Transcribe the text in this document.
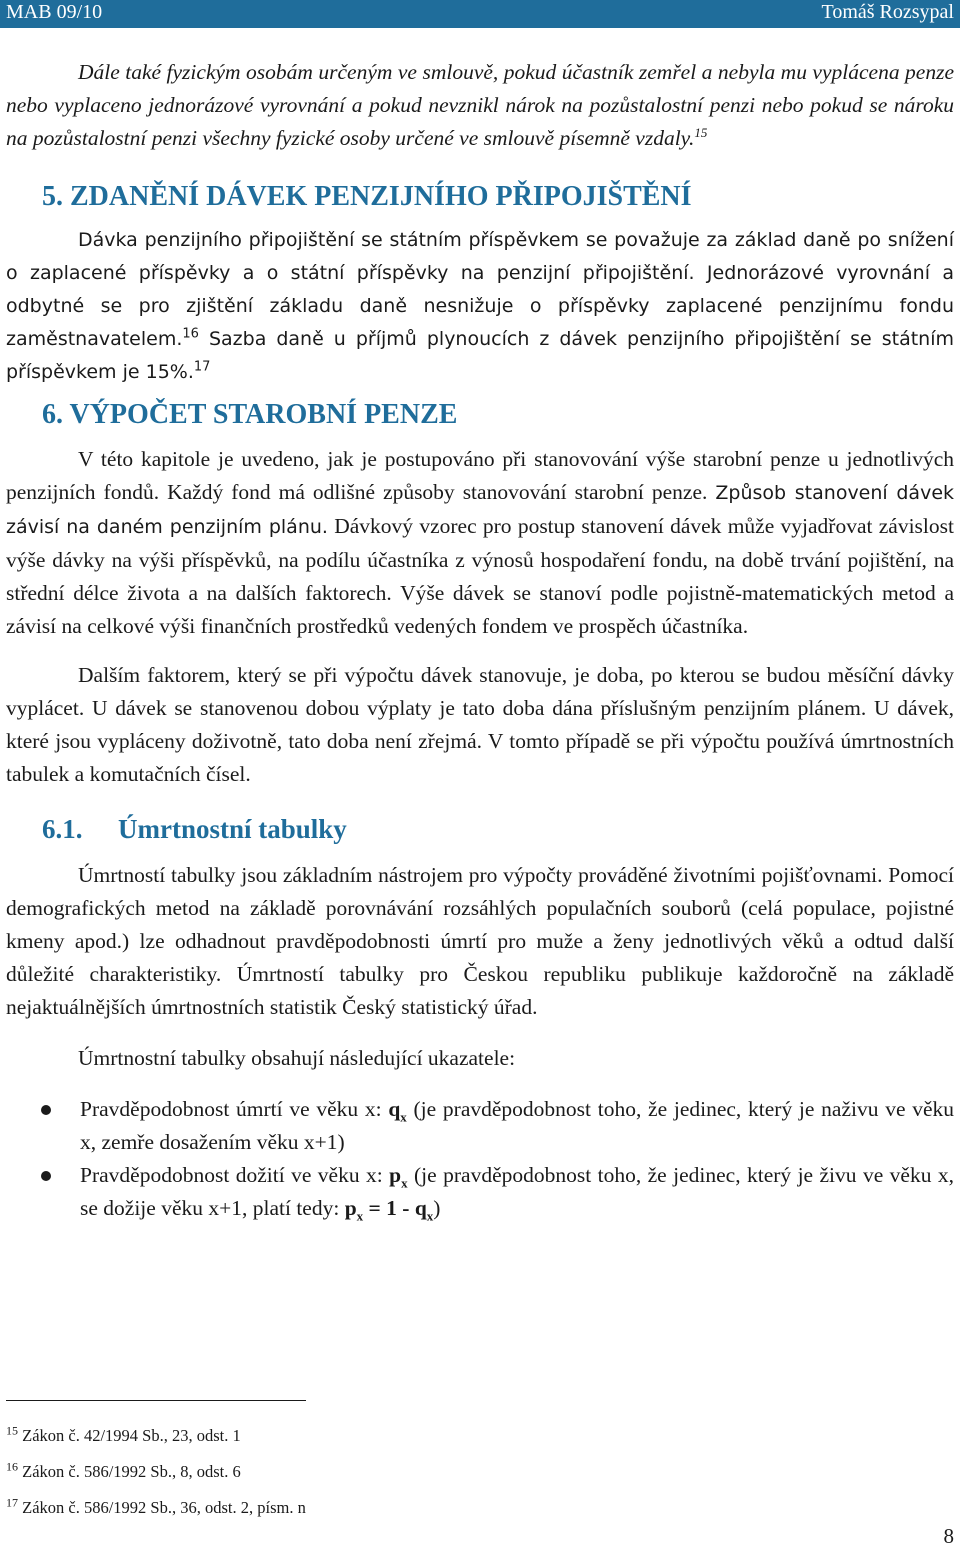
MAB 09/10	Tomáš Rozsypal

Dále také fyzickým osobám určeným ve smlouvě, pokud účastník zemřel a nebyla mu vyplácena penze nebo vyplaceno jednorázové vyrovnání a pokud nevznikl nárok na pozůstalostní penzi nebo pokud se nároku na pozůstalostní penzi všechny fyzické osoby určené ve smlouvě písemně vzdaly.$^{15}$

5. ZDANĚNÍ DÁVEK PENZIJNÍHO PŘIPOJIŠTĚNÍ

Dávka penzijního připojištění se státním příspěvkem se považuje za základ daně po snížení o zaplacené příspěvky a o státní příspěvky na penzijní připojištění. Jednorázové vyrovnání a odbytné se pro zjištění základu daně nesnižuje o příspěvky zaplacené penzijnímu fondu zaměstnavatelem.$^{16}$ Sazba daně u příjmů plynoucích z dávek penzijního připojištění se státním příspěvkem je 15%.$^{17}$

6. VÝPOČET STAROBNÍ PENZE

V této kapitole je uvedeno, jak je postupováno při stanovování výše starobní penze u jednotlivých penzijních fondů. Každý fond má odlišné způsoby stanovování starobní penze. Způsob stanovení dávek závisí na daném penzijním plánu. Dávkový vzorec pro postup stanovení dávek může vyjadřovat závislost výše dávky na výši příspěvků, na podílu účastníka z výnosů hospodaření fondu, na době trvání pojištění, na střední délce života a na dalších faktorech. Výše dávek se stanoví podle pojistně-matematických metod a závisí na celkové výši finančních prostředků vedených fondem ve prospěch účastníka.

Dalším faktorem, který se při výpočtu dávek stanovuje, je doba, po kterou se budou měsíční dávky vyplácet. U dávek se stanovenou dobou výplaty je tato doba dána příslušným penzijním plánem. U dávek, které jsou vypláceny doživotně, tato doba není zřejmá. V tomto případě se při výpočtu používá úmrtnostních tabulek a komutačních čísel.

6.1. Úmrtnostní tabulky

Úmrtností tabulky jsou základním nástrojem pro výpočty prováděné životními pojišťovnami. Pomocí demografických metod na základě porovnávání rozsáhlých populačních souborů (celá populace, pojistné kmeny apod.) lze odhadnout pravděpodobnosti úmrtí pro muže a ženy jednotlivých věků a odtud další důležité charakteristiky. Úmrtností tabulky pro Českou republiku publikuje každoročně na základě nejaktuálnějších úmrtnostních statistik Český statistický úřad.

Úmrtnostní tabulky obsahují následující ukazatele:

Pravděpodobnost úmrtí ve věku x: $q_x$ (je pravděpodobnost toho, že jedinec, který je naživu ve věku x, zemře dosažením věku x+1)
Pravděpodobnost dožití ve věku x: $p_x$ (je pravděpodobnost toho, že jedinec, který je živu ve věku x, se dožije věku x+1, platí tedy: $p_x = 1 - q_x$)
$^{15}$ Zákon č. 42/1994 Sb., 23, odst. 1
$^{16}$ Zákon č. 586/1992 Sb., 8, odst. 6
$^{17}$ Zákon č. 586/1992 Sb., 36, odst. 2, písm. n
8
